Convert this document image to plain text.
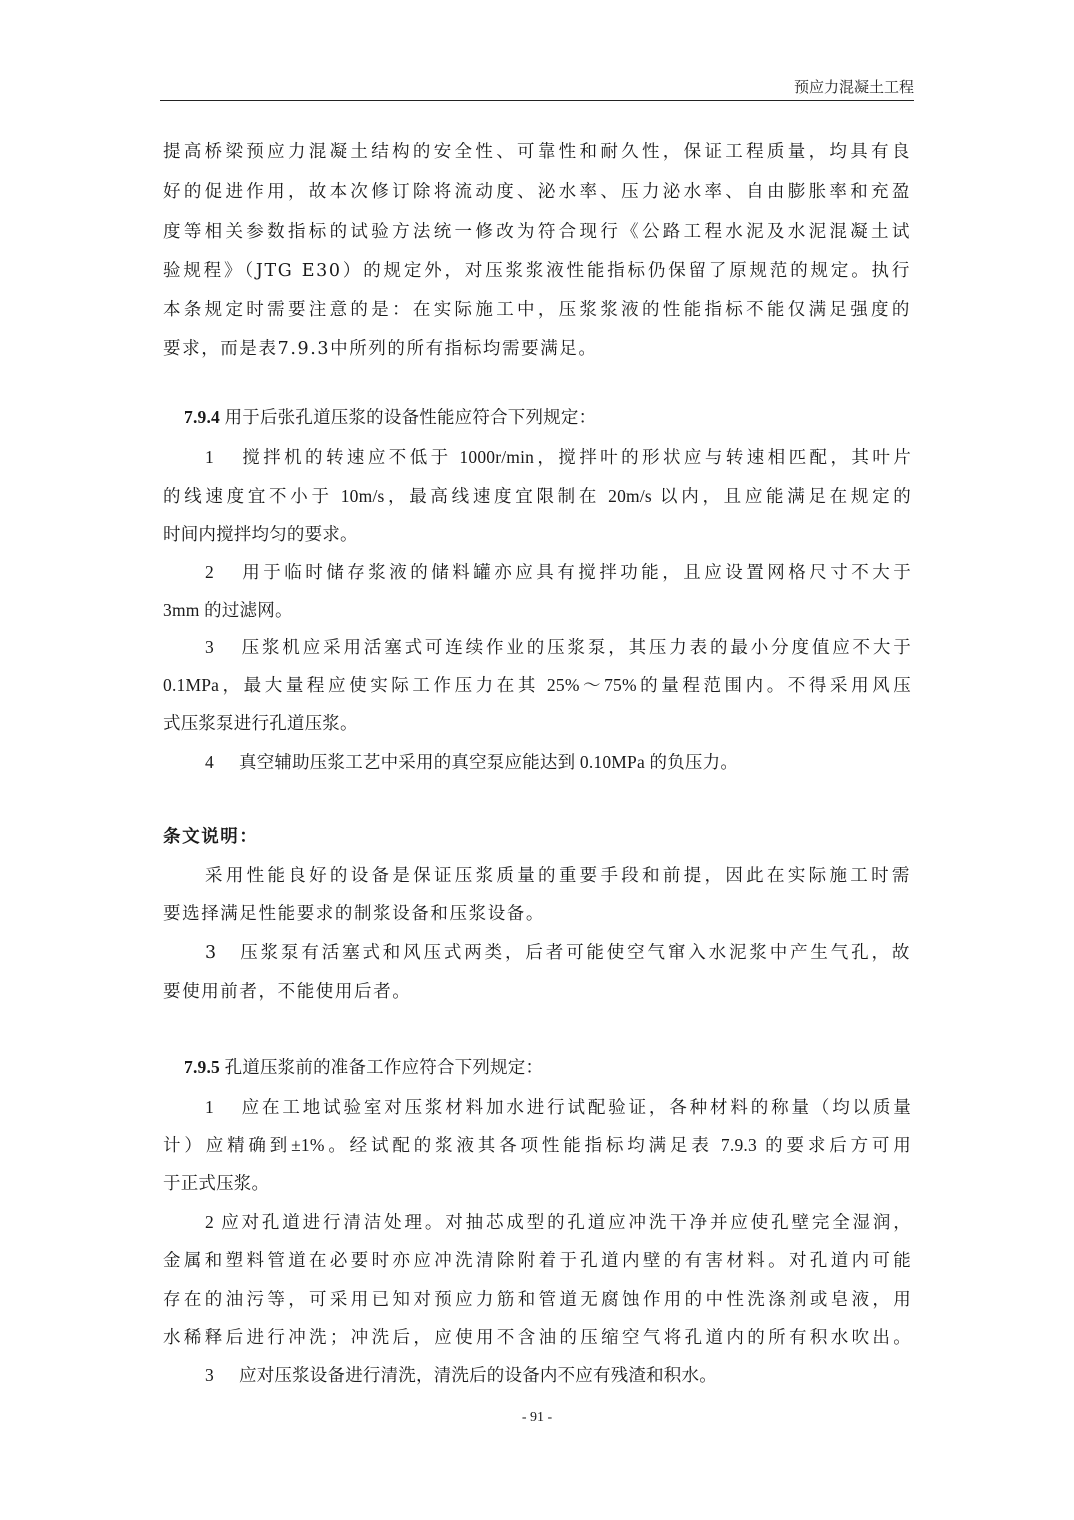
预应力混凝土工程
提高桥梁预应力混凝土结构的安全性、可靠性和耐久性，保证工程质量，均具有良
好的促进作用，故本次修订除将流动度、泌水率、压力泌水率、自由膨胀率和充盈
度等相关参数指标的试验方法统一修改为符合现行《公路工程水泥及水泥混凝土试
验规程》（JTG E30）的规定外，对压浆浆液性能指标仍保留了原规范的规定。执行
本条规定时需要注意的是：在实际施工中，压浆浆液的性能指标不能仅满足强度的
要求，而是表7.9.3中所列的所有指标均需要满足。
7.9.4 用于后张孔道压浆的设备性能应符合下列规定：
1 搅拌机的转速应不低于 1000r/min，搅拌叶的形状应与转速相匹配，其叶片
的线速度宜不小于 10m/s，最高线速度宜限制在 20m/s 以内，且应能满足在规定的
时间内搅拌均匀的要求。
2 用于临时储存浆液的储料罐亦应具有搅拌功能，且应设置网格尺寸不大于
3mm 的过滤网。
3 压浆机应采用活塞式可连续作业的压浆泵，其压力表的最小分度值应不大于
0.1MPa，最大量程应使实际工作压力在其 25%～75%的量程范围内。不得采用风压
式压浆泵进行孔道压浆。
4 真空辅助压浆工艺中采用的真空泵应能达到 0.10MPa 的负压力。
条文说明：
采用性能良好的设备是保证压浆质量的重要手段和前提，因此在实际施工时需
要选择满足性能要求的制浆设备和压浆设备。
3 压浆泵有活塞式和风压式两类，后者可能使空气窜入水泥浆中产生气孔，故
要使用前者，不能使用后者。
7.9.5 孔道压浆前的准备工作应符合下列规定：
1 应在工地试验室对压浆材料加水进行试配验证，各种材料的称量（均以质量
计）应精确到±1%。经试配的浆液其各项性能指标均满足表 7.9.3 的要求后方可用
于正式压浆。
2 应对孔道进行清洁处理。对抽芯成型的孔道应冲洗干净并应使孔壁完全湿润，
金属和塑料管道在必要时亦应冲洗清除附着于孔道内壁的有害材料。对孔道内可能
存在的油污等，可采用已知对预应力筋和管道无腐蚀作用的中性洗涤剂或皂液，用
水稀释后进行冲洗；冲洗后，应使用不含油的压缩空气将孔道内的所有积水吹出。
3 应对压浆设备进行清洗，清洗后的设备内不应有残渣和积水。
- 91 -
